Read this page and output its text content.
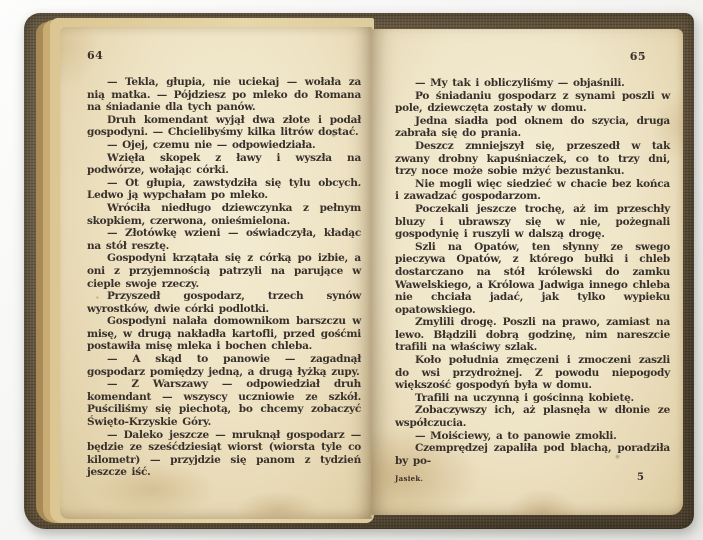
64

— Tekla, głupia, nie uciekaj — wołała za nią matka. — Pójdziesz po mleko do Romana na śniadanie dla tych panów.

Druh komendant wyjął dwa złote i podał gospodyni. — Chcielibyśmy kilka litrów dostać.

— Ojej, czemu nie — odpowiedziała.

Wzięła skopek z ławy i wyszła na podwórze, wołając córki.

— Ot głupia, zawstydziła się tylu obcych. Ledwo ją wypchałam po mleko.

Wróciła niedługo dziewczynka z pełnym skopkiem, czerwona, onieśmielona.

— Złotówkę wzieni — oświadczyła, kładąc na stół resztę.

Gospodyni krzątała się z córką po izbie, a oni z przyjemnością patrzyli na parujące w cieple swoje rzeczy.

Przyszedł gospodarz, trzech synów wyrostków, dwie córki podlotki.

Gospodyni nalała domownikom barszczu w misę, w drugą nakładła kartofli, przed gośćmi postawiła misę mleka i bochen chleba.

— A skąd to panowie — zagadnął gospodarz pomiędzy jedną, a drugą łyżką zupy.

— Z Warszawy — odpowiedział druh komendant — wszyscy uczniowie ze szkół. Puściliśmy się piechotą, bo chcemy zobaczyć Święto-Krzyskie Góry.

— Daleko jeszcze — mruknął gospodarz — będzie ze sześćdziesiąt wiorst (wiorsta tyle co kilometr) — przyjdzie się panom z tydzień jeszcze iść.

65

— My tak i obliczyliśmy — objaśnili.

Po śniadaniu gospodarz z synami poszli w pole, dziewczęta zostały w domu.

Jedna siadła pod oknem do szycia, druga zabrała się do prania.

Deszcz zmniejszył się, przeszedł w tak zwany drobny kapuśniaczek, co to trzy dni, trzy noce może sobie mżyć bezustanku.

Nie mogli więc siedzieć w chacie bez końca i zawadzać gospodarzom.

Poczekali jeszcze trochę, aż im przeschły bluzy i ubrawszy się w nie, pożegnali gospodynię i ruszyli w dalszą drogę.

Szli na Opatów, ten słynny ze swego pieczywa Opatów, z którego bułki i chleb dostarczano na stół królewski do zamku Wawelskiego, a Królowa Jadwiga innego chleba nie chciała jadać, jak tylko wypieku opatowskiego.

Zmylili drogę. Poszli na prawo, zamiast na lewo. Błądzili dobrą godzinę, nim nareszcie trafili na właściwy szlak.

Koło południa zmęczeni i zmoczeni zaszli do wsi przydrożnej. Z powodu niepogody większość gospodyń była w domu.

Trafili na uczynną i gościnną kobietę.

Zobaczywszy ich, aż plasnęła w dłonie ze współczucia.

— Moiściewy, a to panowie zmokli.

Czemprędzej zapaliła pod blachą, poradziła by po-

Jasiek.	5
